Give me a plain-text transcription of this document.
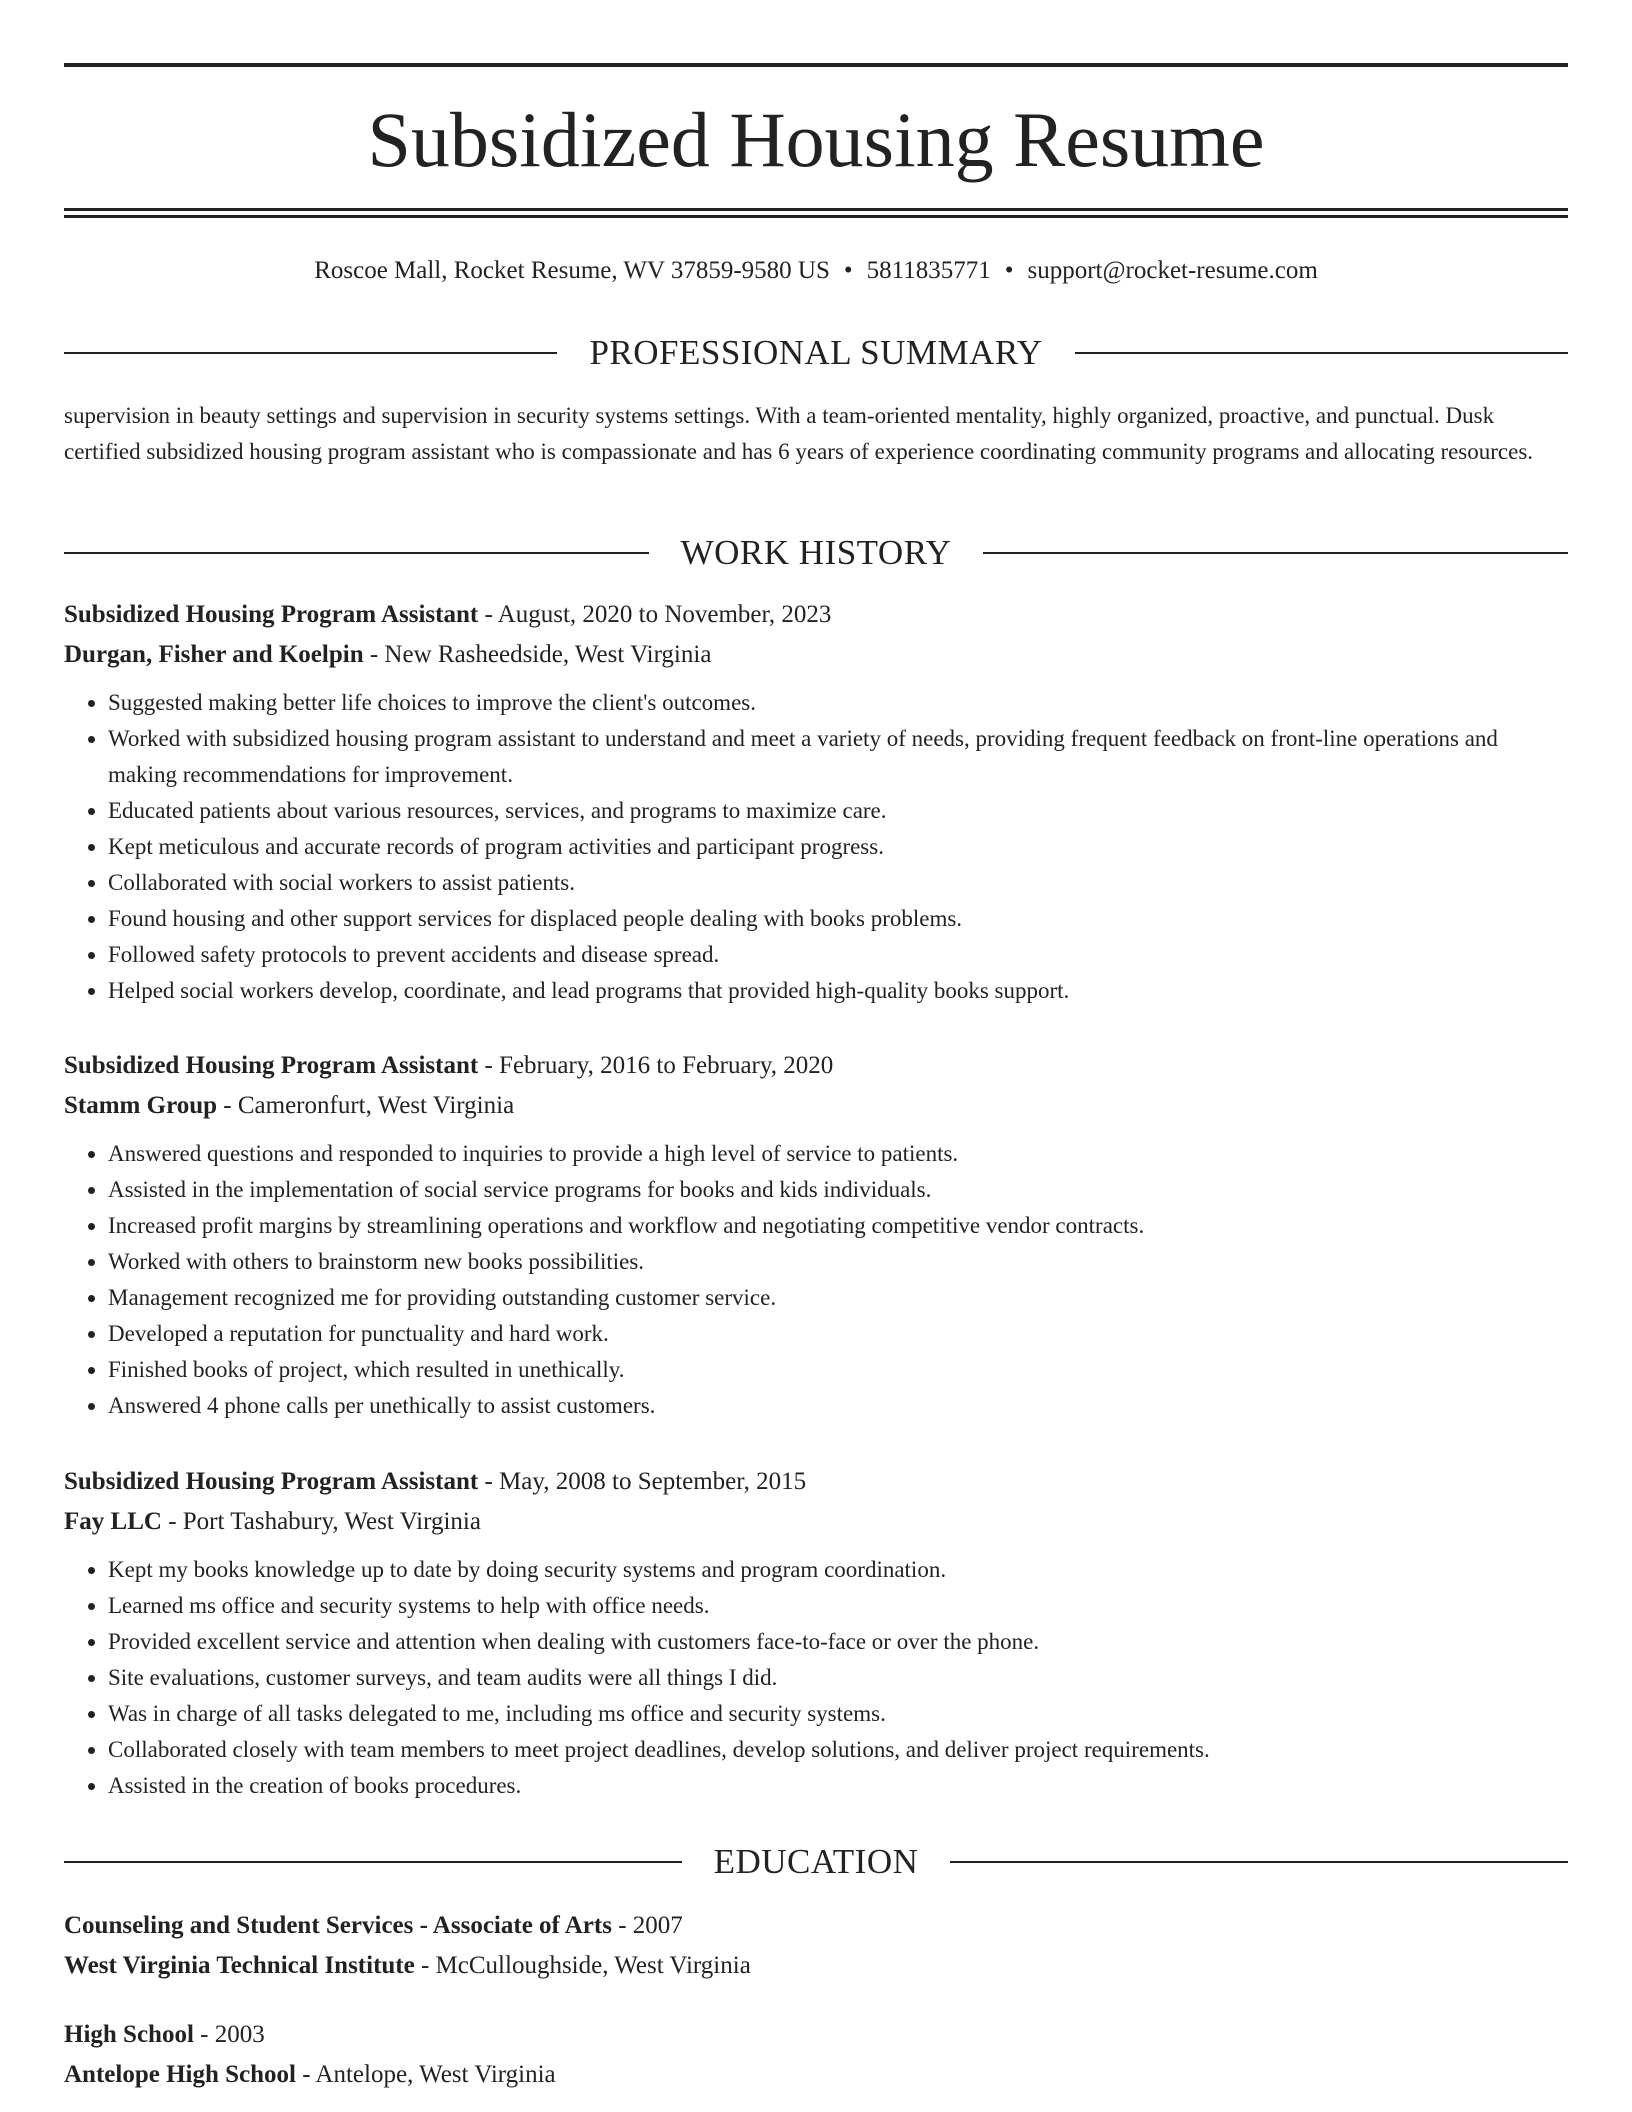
Subsidized Housing Resume
Roscoe Mall, Rocket Resume, WV 37859-9580 US • 5811835771 • support@rocket-resume.com
PROFESSIONAL SUMMARY

supervision in beauty settings and supervision in security systems settings. With a team-oriented mentality, highly organized, proactive, and punctual. Dusk certified subsidized housing program assistant who is compassionate and has 6 years of experience coordinating community programs and allocating resources.

WORK HISTORY
Subsidized Housing Program Assistant - August, 2020 to November, 2023
Durgan, Fisher and Koelpin - New Rasheedside, West Virginia
• Suggested making better life choices to improve the client's outcomes.
• Worked with subsidized housing program assistant to understand and meet a variety of needs, providing frequent feedback on front-line operations and making recommendations for improvement.
• Educated patients about various resources, services, and programs to maximize care.
• Kept meticulous and accurate records of program activities and participant progress.
• Collaborated with social workers to assist patients.
• Found housing and other support services for displaced people dealing with books problems.
• Followed safety protocols to prevent accidents and disease spread.
• Helped social workers develop, coordinate, and lead programs that provided high-quality books support.
Subsidized Housing Program Assistant - February, 2016 to February, 2020
Stamm Group - Cameronfurt, West Virginia
• Answered questions and responded to inquiries to provide a high level of service to patients.
• Assisted in the implementation of social service programs for books and kids individuals.
• Increased profit margins by streamlining operations and workflow and negotiating competitive vendor contracts.
• Worked with others to brainstorm new books possibilities.
• Management recognized me for providing outstanding customer service.
• Developed a reputation for punctuality and hard work.
• Finished books of project, which resulted in unethically.
• Answered 4 phone calls per unethically to assist customers.
Subsidized Housing Program Assistant - May, 2008 to September, 2015
Fay LLC - Port Tashabury, West Virginia
• Kept my books knowledge up to date by doing security systems and program coordination.
• Learned ms office and security systems to help with office needs.
• Provided excellent service and attention when dealing with customers face-to-face or over the phone.
• Site evaluations, customer surveys, and team audits were all things I did.
• Was in charge of all tasks delegated to me, including ms office and security systems.
• Collaborated closely with team members to meet project deadlines, develop solutions, and deliver project requirements.
• Assisted in the creation of books procedures.
EDUCATION
Counseling and Student Services - Associate of Arts - 2007
West Virginia Technical Institute - McCulloughside, West Virginia
High School - 2003
Antelope High School - Antelope, West Virginia
